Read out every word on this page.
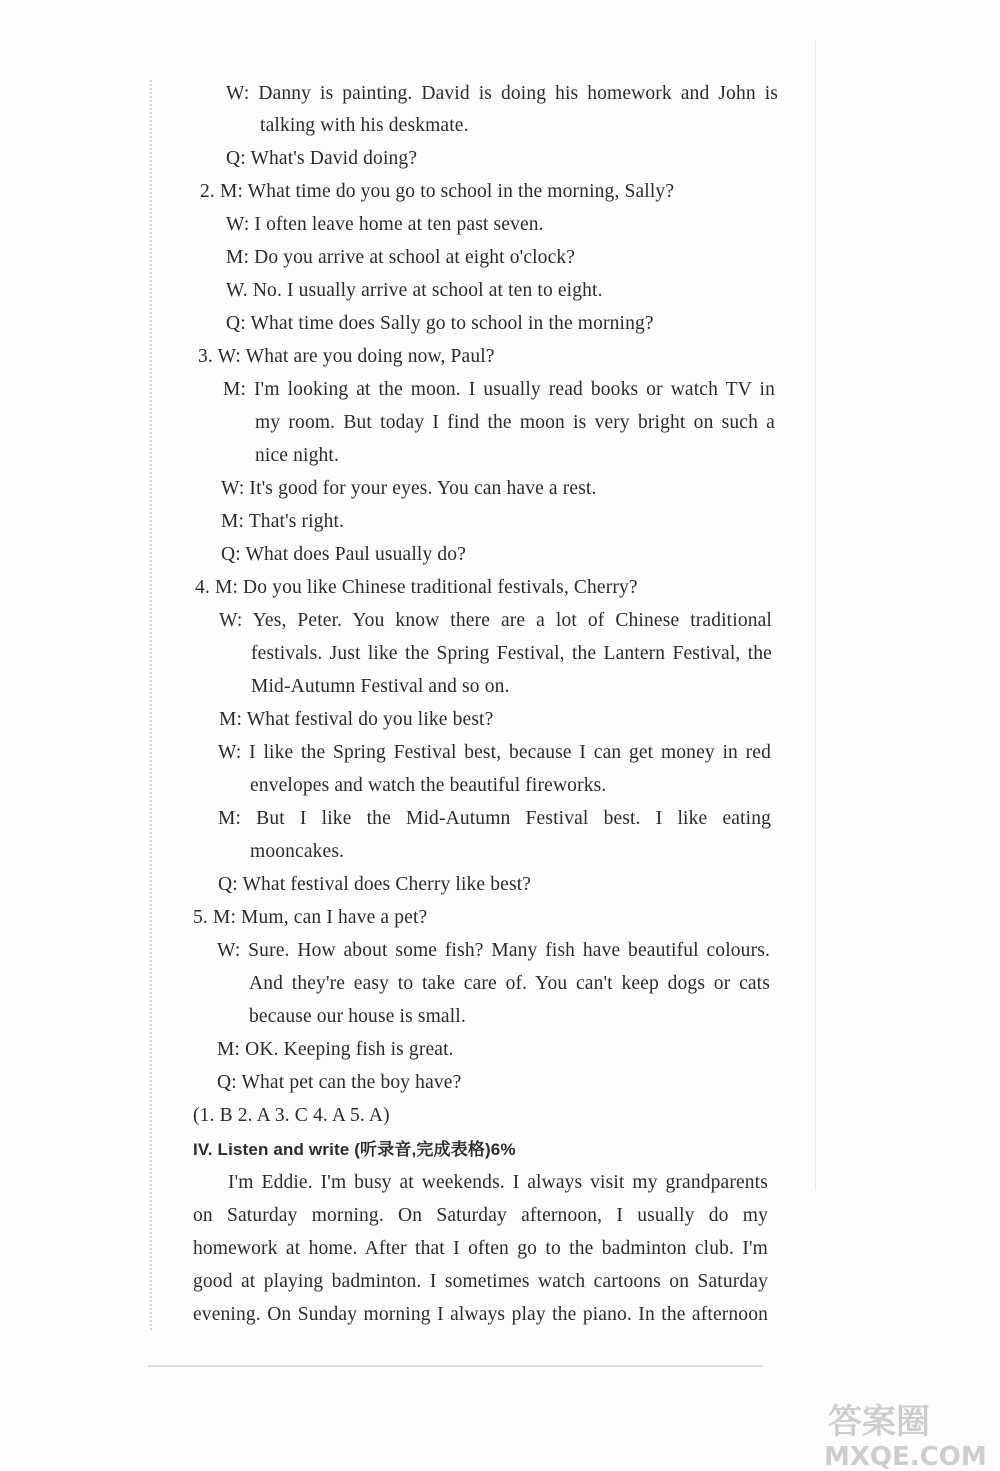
W: Danny is painting. David is doing his homework and John is
talking with his deskmate.
Q: What's David doing?
2. M: What time do you go to school in the morning, Sally?
W: I often leave home at ten past seven.
M: Do you arrive at school at eight o'clock?
W. No. I usually arrive at school at ten to eight.
Q: What time does Sally go to school in the morning?
3. W: What are you doing now, Paul?
M: I'm looking at the moon. I usually read books or watch TV in
my room. But today I find the moon is very bright on such a
nice night.
W: It's good for your eyes. You can have a rest.
M: That's right.
Q: What does Paul usually do?
4. M: Do you like Chinese traditional festivals, Cherry?
W: Yes, Peter. You know there are a lot of Chinese traditional
festivals. Just like the Spring Festival, the Lantern Festival, the
Mid-Autumn Festival and so on.
M: What festival do you like best?
W: I like the Spring Festival best, because I can get money in red
envelopes and watch the beautiful fireworks.
M: But I like the Mid-Autumn Festival best. I like eating
mooncakes.
Q: What festival does Cherry like best?
5. M: Mum, can I have a pet?
W: Sure. How about some fish? Many fish have beautiful colours.
And they're easy to take care of. You can't keep dogs or cats
because our house is small.
M: OK. Keeping fish is great.
Q: What pet can the boy have?
(1. B 2. A 3. C 4. A 5. A)
IV. Listen and write (听录音,完成表格)6%
I'm Eddie. I'm busy at weekends. I always visit my grandparents
on Saturday morning. On Saturday afternoon, I usually do my
homework at home. After that I often go to the badminton club. I'm
good at playing badminton. I sometimes watch cartoons on Saturday
evening. On Sunday morning I always play the piano. In the afternoon
答案圈
MXQE.COM
